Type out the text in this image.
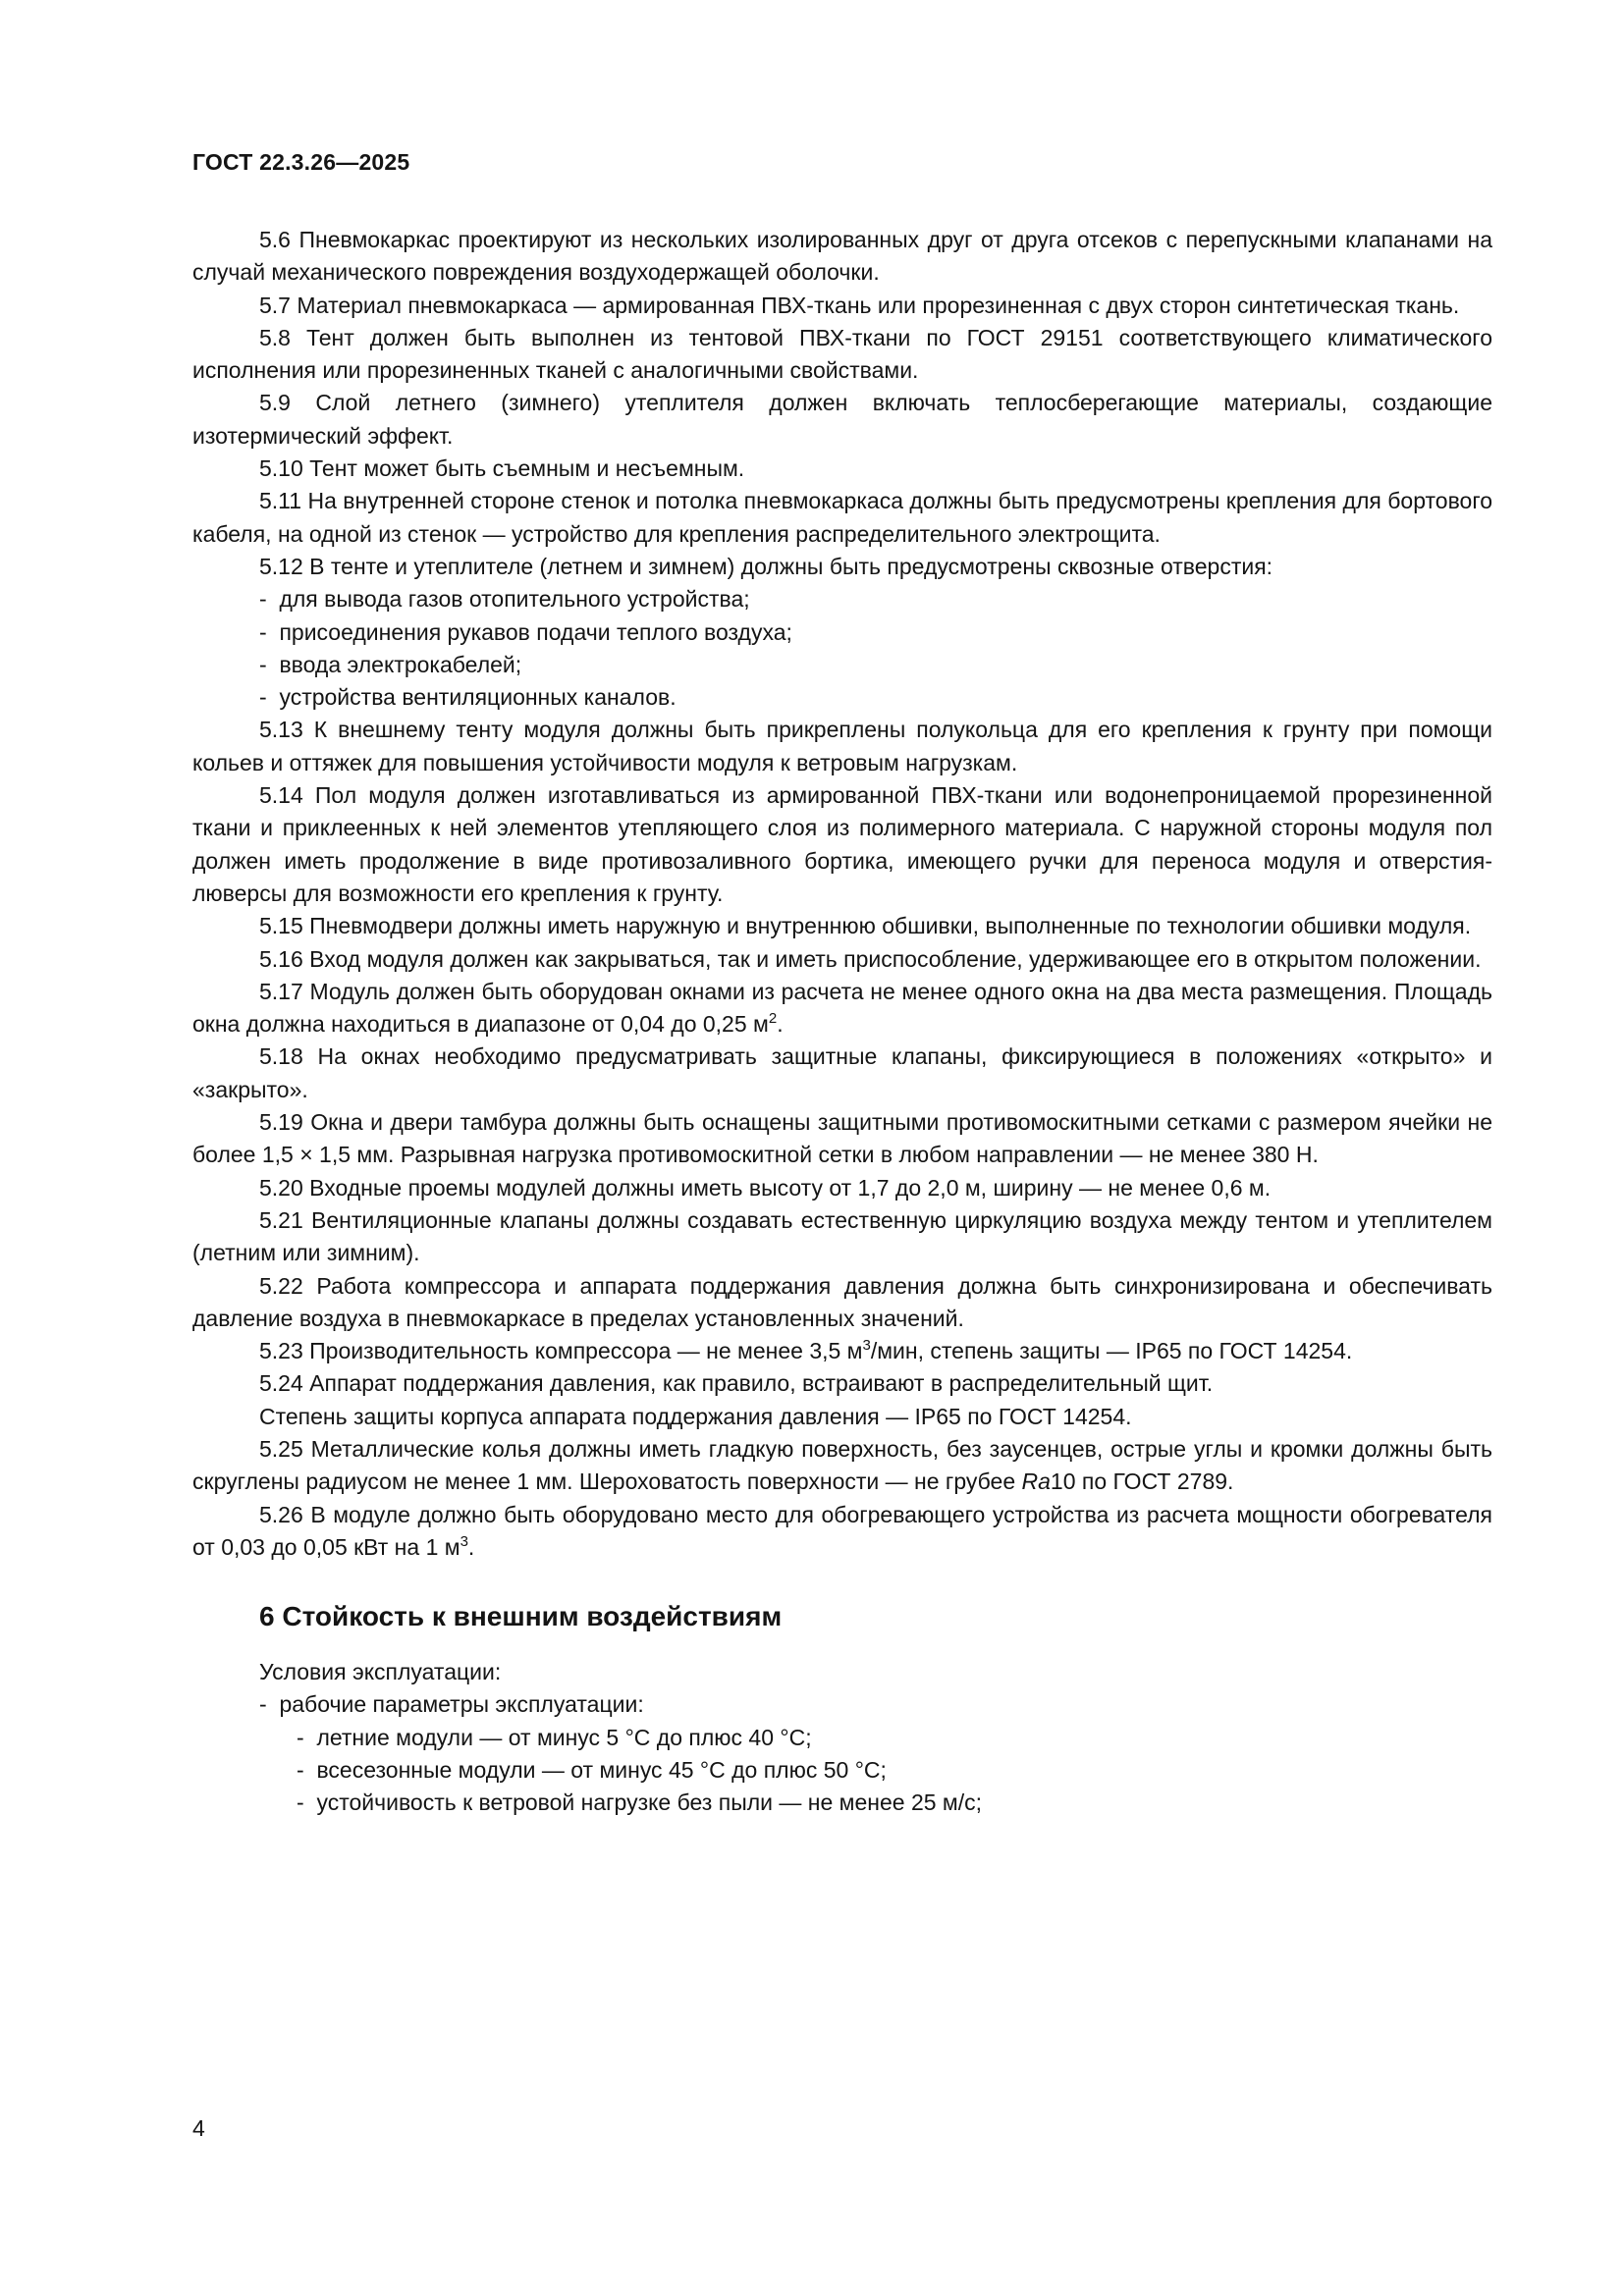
ГОСТ 22.3.26—2025

5.6 Пневмокаркас проектируют из нескольких изолированных друг от друга отсеков с перепускными клапанами на случай механического повреждения воздуходержащей оболочки.

5.7 Материал пневмокаркаса — армированная ПВХ-ткань или прорезиненная с двух сторон синтетическая ткань.

5.8 Тент должен быть выполнен из тентовой ПВХ-ткани по ГОСТ 29151 соответствующего климатического исполнения или прорезиненных тканей с аналогичными свойствами.

5.9 Слой летнего (зимнего) утеплителя должен включать теплосберегающие материалы, создающие изотермический эффект.

5.10 Тент может быть съемным и несъемным.

5.11 На внутренней стороне стенок и потолка пневмокаркаса должны быть предусмотрены крепления для бортового кабеля, на одной из стенок — устройство для крепления распределительного электрощита.

5.12 В тенте и утеплителе (летнем и зимнем) должны быть предусмотрены сквозные отверстия:

-  для вывода газов отопительного устройства;

-  присоединения рукавов подачи теплого воздуха;

-  ввода электрокабелей;

-  устройства вентиляционных каналов.

5.13 К внешнему тенту модуля должны быть прикреплены полукольца для его крепления к грунту при помощи кольев и оттяжек для повышения устойчивости модуля к ветровым нагрузкам.

5.14 Пол модуля должен изготавливаться из армированной ПВХ-ткани или водонепроницаемой прорезиненной ткани и приклеенных к ней элементов утепляющего слоя из полимерного материала. С наружной стороны модуля пол должен иметь продолжение в виде противозаливного бортика, имеющего ручки для переноса модуля и отверстия-люверсы для возможности его крепления к грунту.

5.15 Пневмодвери должны иметь наружную и внутреннюю обшивки, выполненные по технологии обшивки модуля.

5.16 Вход модуля должен как закрываться, так и иметь приспособление, удерживающее его в открытом положении.

5.17 Модуль должен быть оборудован окнами из расчета не менее одного окна на два места размещения. Площадь окна должна находиться в диапазоне от 0,04 до 0,25 $м^2$.

5.18 На окнах необходимо предусматривать защитные клапаны, фиксирующиеся в положениях «открыто» и «закрыто».

5.19 Окна и двери тамбура должны быть оснащены защитными противомоскитными сетками с размером ячейки не более 1,5 × 1,5 мм. Разрывная нагрузка противомоскитной сетки в любом направлении — не менее 380 Н.

5.20 Входные проемы модулей должны иметь высоту от 1,7 до 2,0 м, ширину — не менее 0,6 м.

5.21 Вентиляционные клапаны должны создавать естественную циркуляцию воздуха между тентом и утеплителем (летним или зимним).

5.22 Работа компрессора и аппарата поддержания давления должна быть синхронизирована и обеспечивать давление воздуха в пневмокаркасе в пределах установленных значений.

5.23 Производительность компрессора — не менее 3,5 $м^3$/мин, степень защиты — IP65 по ГОСТ 14254.

5.24 Аппарат поддержания давления, как правило, встраивают в распределительный щит.

Степень защиты корпуса аппарата поддержания давления — IP65 по ГОСТ 14254.

5.25 Металлические колья должны иметь гладкую поверхность, без заусенцев, острые углы и кромки должны быть скруглены радиусом не менее 1 мм. Шероховатость поверхности — не грубее Ra10 по ГОСТ 2789.

5.26 В модуле должно быть оборудовано место для обогревающего устройства из расчета мощности обогревателя от 0,03 до 0,05 кВт на 1 $м^3$.

6 Стойкость к внешним воздействиям

Условия эксплуатации:

-  рабочие параметры эксплуатации:

-  летние модули — от минус 5 °С до плюс 40 °С;

-  всесезонные модули — от минус 45 °С до плюс 50 °С;

-  устойчивость к ветровой нагрузке без пыли — не менее 25 м/с;

4
